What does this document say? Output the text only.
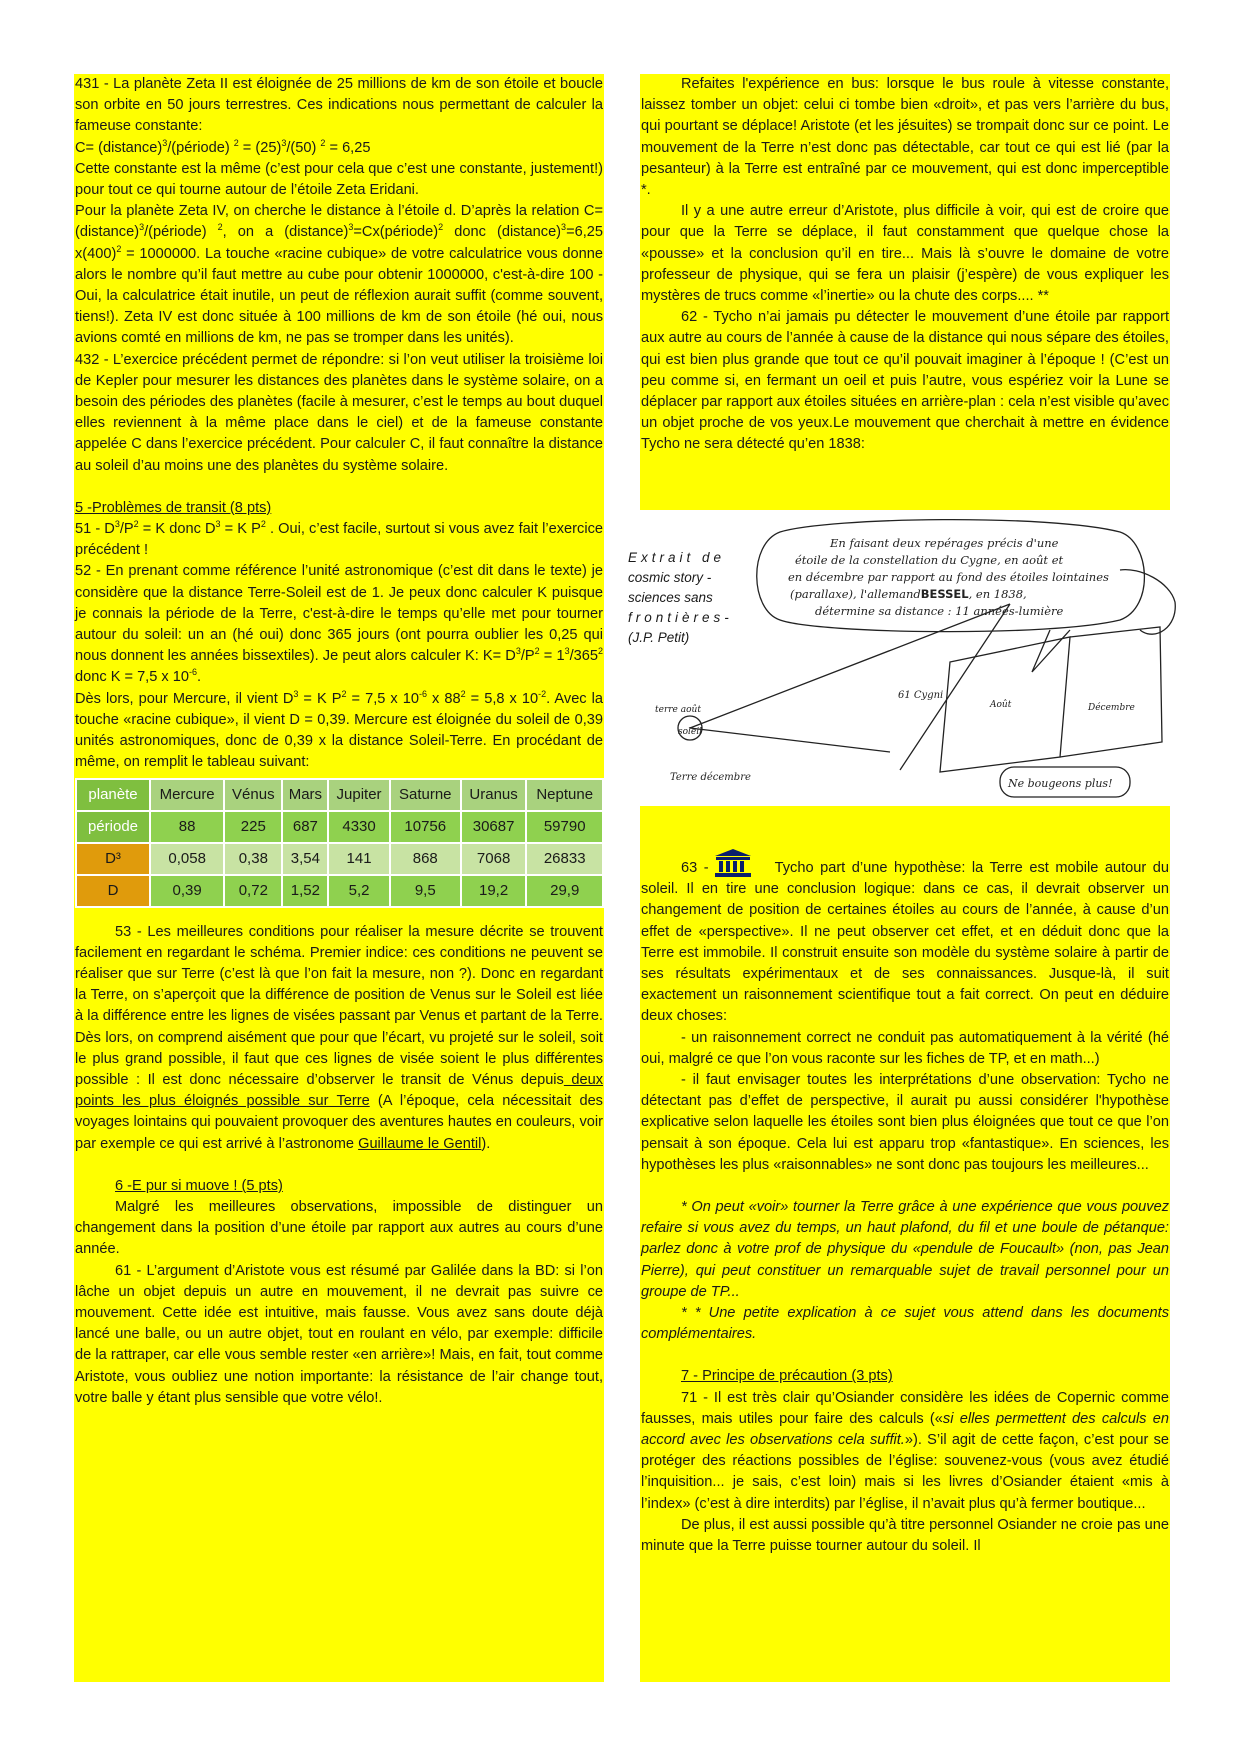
431 - La planète Zeta II est éloignée de 25 millions de km de son étoile et boucle son orbite en 50 jours terrestres. Ces indications nous permettant de calculer la fameuse constante:

C= (distance)$^3$/(période) $^2 = (25)^3/(50) ^2 = 6,25$

Cette constante est la même (c’est pour cela que c’est une constante, justement!) pour tout ce qui tourne autour de l’étoile Zeta Eridani.

Pour la planète Zeta IV, on cherche le distance à l’étoile d. D’après la relation C= (distance)$^3$/(période) $^2$, on a (distance)$^3$=Cx(période)$^2$ donc (distance)$^3$=6,25 $x(400)^2 = 1000000$. La touche «racine cubique» de votre calculatrice vous donne alors le nombre qu’il faut mettre au cube pour obtenir 1000000, c'est-à-dire 100 - Oui, la calculatrice était inutile, un peut de réflexion aurait suffit (comme souvent, tiens!). Zeta IV est donc située à 100 millions de km de son étoile (hé oui, nous avions comté en millions de km, ne pas se tromper dans les unités).

432 - L’exercice précédent permet de répondre: si l’on veut utiliser la troisième loi de Kepler pour mesurer les distances des planètes dans le système solaire, on a besoin des périodes des planètes (facile à mesurer, c’est le temps au bout duquel elles reviennent à la même place dans le ciel) et de la fameuse constante appelée C dans l’exercice précédent. Pour calculer C, il faut connaître la distance au soleil d’au moins une des planètes du système solaire.

5 -Problèmes de transit (8 pts)

$51 - D^3/P^2 = K$ donc $D^3 = K$ $P^2$ . Oui, c’est facile, surtout si vous avez fait l’exercice précédent !

52 - En prenant comme référence l’unité astronomique (c’est dit dans le texte) je considère que la distance Terre-Soleil est de 1. Je peux donc calculer K puisque je connais la période de la Terre, c'est-à-dire le temps qu’elle met pour tourner autour du soleil: un an (hé oui) donc 365 jours (ont pourra oublier les 0,25 qui nous donnent les années bissextiles). Je peut alors calculer K: $K= D^3/P^2 = 1^3/365^2$ donc K = 7,5 x $10^{-6}$.

Dès lors, pour Mercure, il vient $D^3 = K$ $P^2 = 7,5$ x $10^{-6}$ x $88^2 = 5,8$ x $10^{-2}$. Avec la touche «racine cubique», il vient D = 0,39. Mercure est éloignée du soleil de 0,39 unités astronomiques, donc de 0,39 x la distance Soleil-Terre. En procédant de même, on remplit le tableau suivant:

planète	Mercure	Vénus	Mars	Jupiter	Saturne	Uranus	Neptune
période	88	225	687	4330	10756	30687	59790
D³	0,058	0,38	3,54	141	868	7068	26833
D	0,39	0,72	1,52	5,2	9,5	19,2	29,9

53 - Les meilleures conditions pour réaliser la mesure décrite se trouvent facilement en regardant le schéma. Premier indice: ces conditions ne peuvent se réaliser que sur Terre (c’est là que l’on fait la mesure, non ?). Donc en regardant la Terre, on s’aperçoit que la différence de position de Venus sur le Soleil est liée à la différence entre les lignes de visées passant par Venus et partant de la Terre. Dès lors, on comprend aisément que pour que l’écart, vu projeté sur le soleil, soit le plus grand possible, il faut que ces lignes de visée soient le plus différentes possible : Il est donc nécessaire d’observer le transit de Vénus depuis deux points les plus éloignés possible sur Terre (A l’époque, cela nécessitait des voyages lointains qui pouvaient provoquer des aventures hautes en couleurs, voir par exemple ce qui est arrivé à l’astronome Guillaume le Gentil).

6 -E pur si muove ! (5 pts)

Malgré les meilleures observations, impossible de distinguer un changement dans la position d’une étoile par rapport aux autres au cours d’une année.

61 - L’argument d’Aristote vous est résumé par Galilée dans la BD: si l’on lâche un objet depuis un autre en mouvement, il ne devrait pas suivre ce mouvement. Cette idée est intuitive, mais fausse. Vous avez sans doute déjà lancé une balle, ou un autre objet, tout en roulant en vélo, par exemple: difficile de la rattraper, car elle vous semble rester «en arrière»! Mais, en fait, tout comme Aristote, vous oubliez une notion importante: la résistance de l’air change tout, votre balle y étant plus sensible que votre vélo!.

Refaites l'expérience en bus: lorsque le bus roule à vitesse constante, laissez tomber un objet: celui ci tombe bien «droit», et pas vers l’arrière du bus, qui pourtant se déplace! Aristote (et les jésuites) se trompait donc sur ce point. Le mouvement de la Terre n’est donc pas détectable, car tout ce qui est lié (par la pesanteur) à la Terre est entraîné par ce mouvement, qui est donc imperceptible *.

Il y a une autre erreur d’Aristote, plus difficile à voir, qui est de croire que pour que la Terre se déplace, il faut constamment que quelque chose la «pousse» et la conclusion qu’il en tire... Mais là s’ouvre le domaine de votre professeur de physique, qui se fera un plaisir (j’espère) de vous expliquer les mystères de trucs comme «l’inertie» ou la chute des corps.... **

62 - Tycho n’ai jamais pu détecter le mouvement d’une étoile par rapport aux autre au cours de l’année à cause de la distance qui nous sépare des étoiles, qui est bien plus grande que tout ce qu’il pouvait imaginer à l’époque ! (C’est un peu comme si, en fermant un oeil et puis l’autre, vous espériez voir la Lune se déplacer par rapport aux étoiles situées en arrière-plan : cela n’est visible qu’avec un objet proche de vos yeux.Le mouvement que cherchait à mettre en évidence Tycho ne sera détecté qu’en 1838:

Extrait de
cosmic story - sciences sans
frontières-
(J.P. Petit)
En faisant deux repérages précis d'une
étoile de la constellation du Cygne, en août et
en décembre par rapport au fond des étoiles lointaines
(parallaxe), l'allemandBESSEL, en 1838,
détermine sa distance : 11 années-lumière
61 Cygni
terre août
soleil
Terre décembre
Août	Décembre
Ne bougeons plus!

63 -	Tycho part d’une hypothèse: la Terre est mobile autour du soleil. Il en tire une conclusion logique: dans ce cas, il devrait observer un changement de position de certaines étoiles au cours de l’année, à cause d’un effet de «perspective». Il ne peut observer cet effet, et en déduit donc que la Terre est immobile. Il construit ensuite son modèle du système solaire à partir de ses résultats expérimentaux et de ses connaissances. Jusque-là, il suit exactement un raisonnement scientifique tout a fait correct. On peut en déduire deux choses:

- un raisonnement correct ne conduit pas automatiquement à la vérité (hé oui, malgré ce que l’on vous raconte sur les fiches de TP, et en math...)

- il faut envisager toutes les interprétations d’une observation: Tycho ne détectant pas d’effet de perspective, il aurait pu aussi considérer l'hypothèse explicative selon laquelle les étoiles sont bien plus éloignées que tout ce que l’on pensait à son époque. Cela lui est apparu trop «fantastique». En sciences, les hypothèses les plus «raisonnables» ne sont donc pas toujours les meilleures...

* On peut «voir» tourner la Terre grâce à une expérience que vous pouvez refaire si vous avez du temps, un haut plafond, du fil et une boule de pétanque: parlez donc à votre prof de physique du «pendule de Foucault» (non, pas Jean Pierre), qui peut constituer un remarquable sujet de travail personnel pour un groupe de TP...

* * Une petite explication à ce sujet vous attend dans les documents complémentaires.

7 - Principe de précaution (3 pts)

71 - Il est très clair qu’Osiander considère les idées de Copernic comme fausses, mais utiles pour faire des calculs («si elles permettent des calculs en accord avec les observations cela suffit.»). S’il agit de cette façon, c’est pour se protéger des réactions possibles de l’église: souvenez-vous (vous avez étudié l’inquisition... je sais, c’est loin) mais si les livres d’Osiander étaient «mis à l’index» (c’est à dire interdits) par l’église, il n’avait plus qu’à fermer boutique...

De plus, il est aussi possible qu’à titre personnel Osiander ne croie pas une minute que la Terre puisse tourner autour du soleil. Il
